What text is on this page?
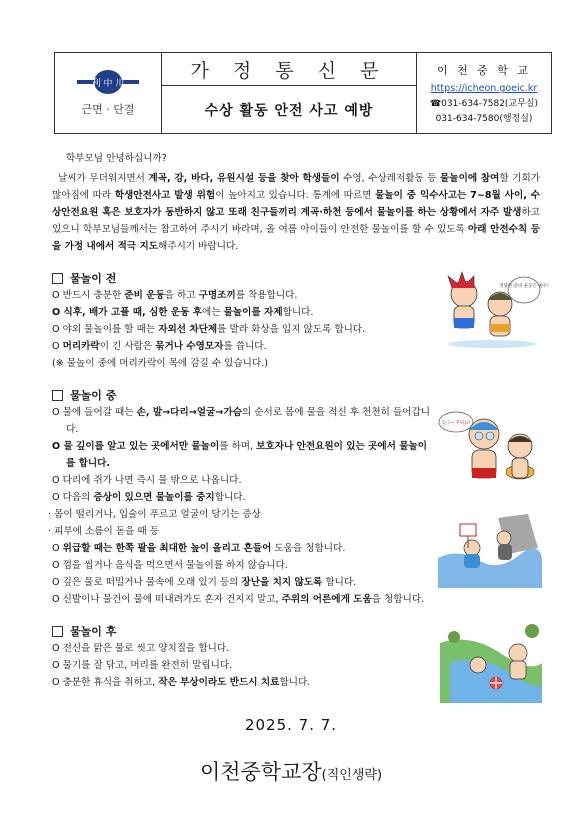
利 中 川
근면 · 단결
가 정 통 신 문
수상 활동 안전 사고 예방
이 천 중 학 교
https://icheon.goeic.kr
☎031-634-7582(교무실)
031-634-7580(행정실)
학부모님 안녕하십니까?
날씨가 무더워지면서 계곡, 강, 바다, 유원시설 등을 찾아 학생들이 수영, 수상레저활동 등 물놀이에 참여할 기회가 많아짐에 따라 학생안전사고 발생 위험이 높아지고 있습니다. 통계에 따르면 물놀이 중 익수사고는 7~8월 사이, 수상안전요원 혹은 보호자가 동반하지 않고 또래 친구들끼리 계곡·하천 등에서 물놀이를 하는 상황에서 자주 발생하고 있으니 학부모님들께서는 참고하여 주시기 바라며, 올 여름 아이들이 안전한 물놀이를 할 수 있도록 아래 안전수칙 등을 가정 내에서 적극 지도해주시기 바랍니다.
물놀이 전
O 반드시 충분한 준비 운동을 하고 구명조끼를 착용합니다.
O 식후, 배가 고플 때, 심한 운동 후에는 물놀이를 자제합니다.
O 야외 물놀이를 할 때는 자외선 차단제를 발라 화상을 입지 않도록 합니다.
O 머리카락이 긴 사람은 묶거나 수영모자를 씁니다.
(※ 물놀이 중에 머리카락이 목에 감길 수 있습니다.)
물놀이 중
O 물에 들어갈 때는 손, 발→다리→얼굴→가슴의 순서로 몸에 물을 적신 후 천천히 들어갑니다.
O 물 깊이를 알고 있는 곳에서만 물놀이를 하며, 보호자나 안전요원이 있는 곳에서 물놀이를 합니다.
O 다리에 쥐가 나면 즉시 물 밖으로 나옵니다.
O 다음의 증상이 있으면 물놀이를 중지합니다.
· 몸이 떨리거나, 입술이 푸르고 얼굴이 당기는 증상
· 피부에 소름이 돋을 때 등
O 위급할 때는 한쪽 팔을 최대한 높이 올리고 흔들어 도움을 청합니다.
O 껌을 씹거나 음식을 먹으면서 물놀이를 하지 않습니다.
O 깊은 물로 떠밀거나 물속에 오래 있기 등의 장난을 치지 않도록 합니다.
O 신발이나 물건이 물에 떠내려가도 혼자 건지지 말고, 주위의 어른에게 도움을 청합니다.
물놀이 후
O 전신을 맑은 물로 씻고 양치질을 합니다.
O 물기를 잘 닦고, 머리를 완전히 말립니다.
O 충분한 휴식을 취하고, 작은 부상이라도 반드시 치료합니다.
적당한 준비 운동은 필수!
엄구~ 추워요!
2025. 7. 7.
이천중학교장(직인생략)
